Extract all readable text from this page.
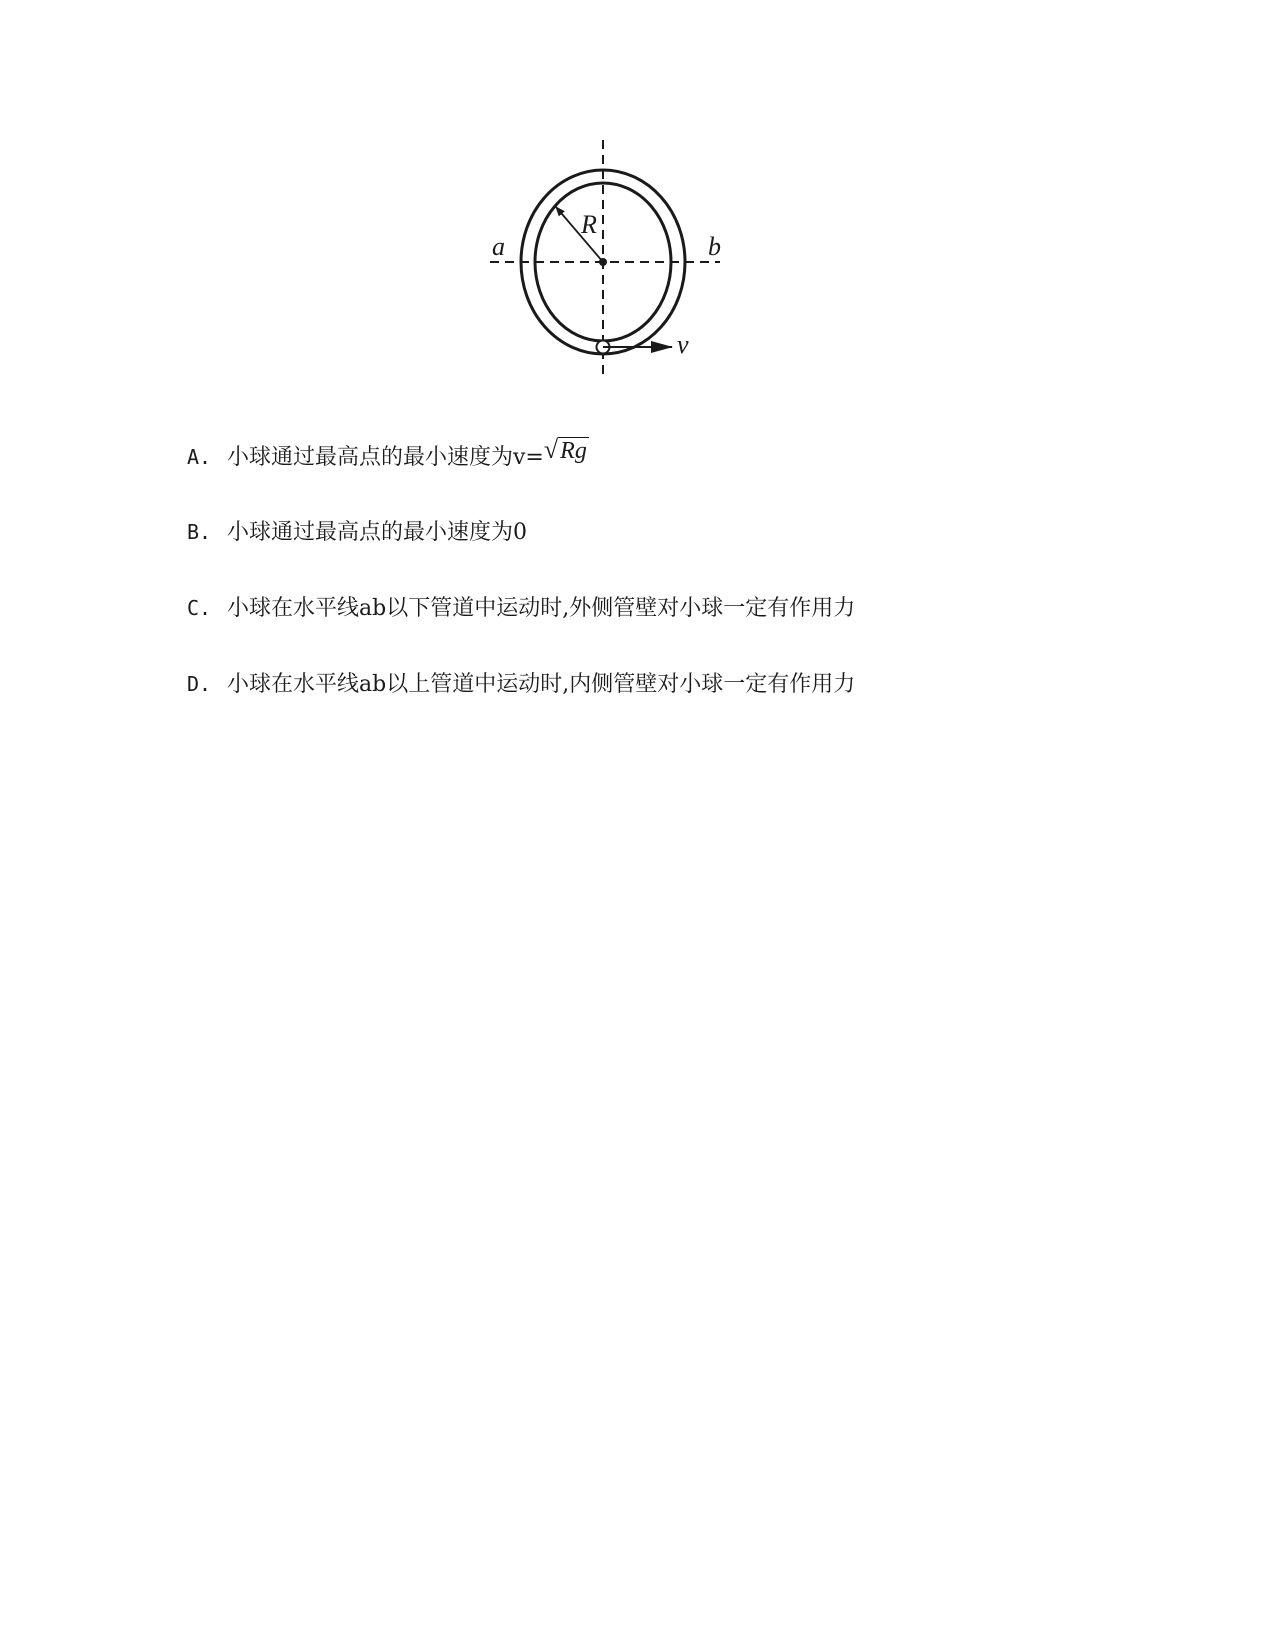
R
a	b
v
A. 小球通过最高点的最小速度为v=√Rg
B. 小球通过最高点的最小速度为0
C. 小球在水平线ab以下管道中运动时,外侧管壁对小球一定有作用力
D. 小球在水平线ab以上管道中运动时,内侧管壁对小球一定有作用力
